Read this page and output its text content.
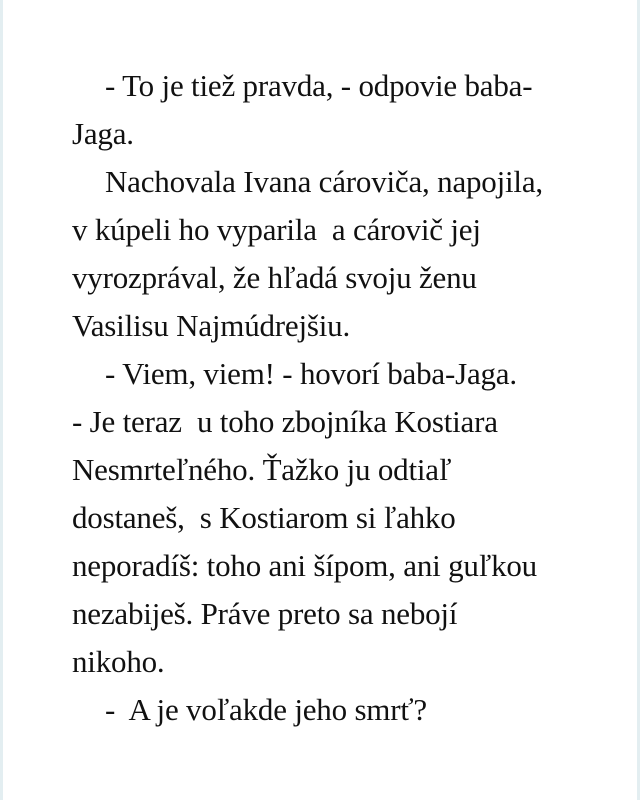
- To je tiež pravda, - odpovie baba-
Jaga.
Nachovala Ivana cároviča, napojila,
v kúpeli ho vyparila  a cárovič jej
vyrozprával, že hľadá svoju ženu
Vasilisu Najmúdrejšiu.
- Viem, viem! - hovorí baba-Jaga.
- Je teraz  u toho zbojníka Kostiara
Nesmrteľného. Ťažko ju odtiaľ
dostaneš,  s Kostiarom si ľahko
neporadíš: toho ani šípom, ani guľkou
nezabiješ. Práve preto sa nebojí
nikoho.
-  A je voľakde jeho smrť?
